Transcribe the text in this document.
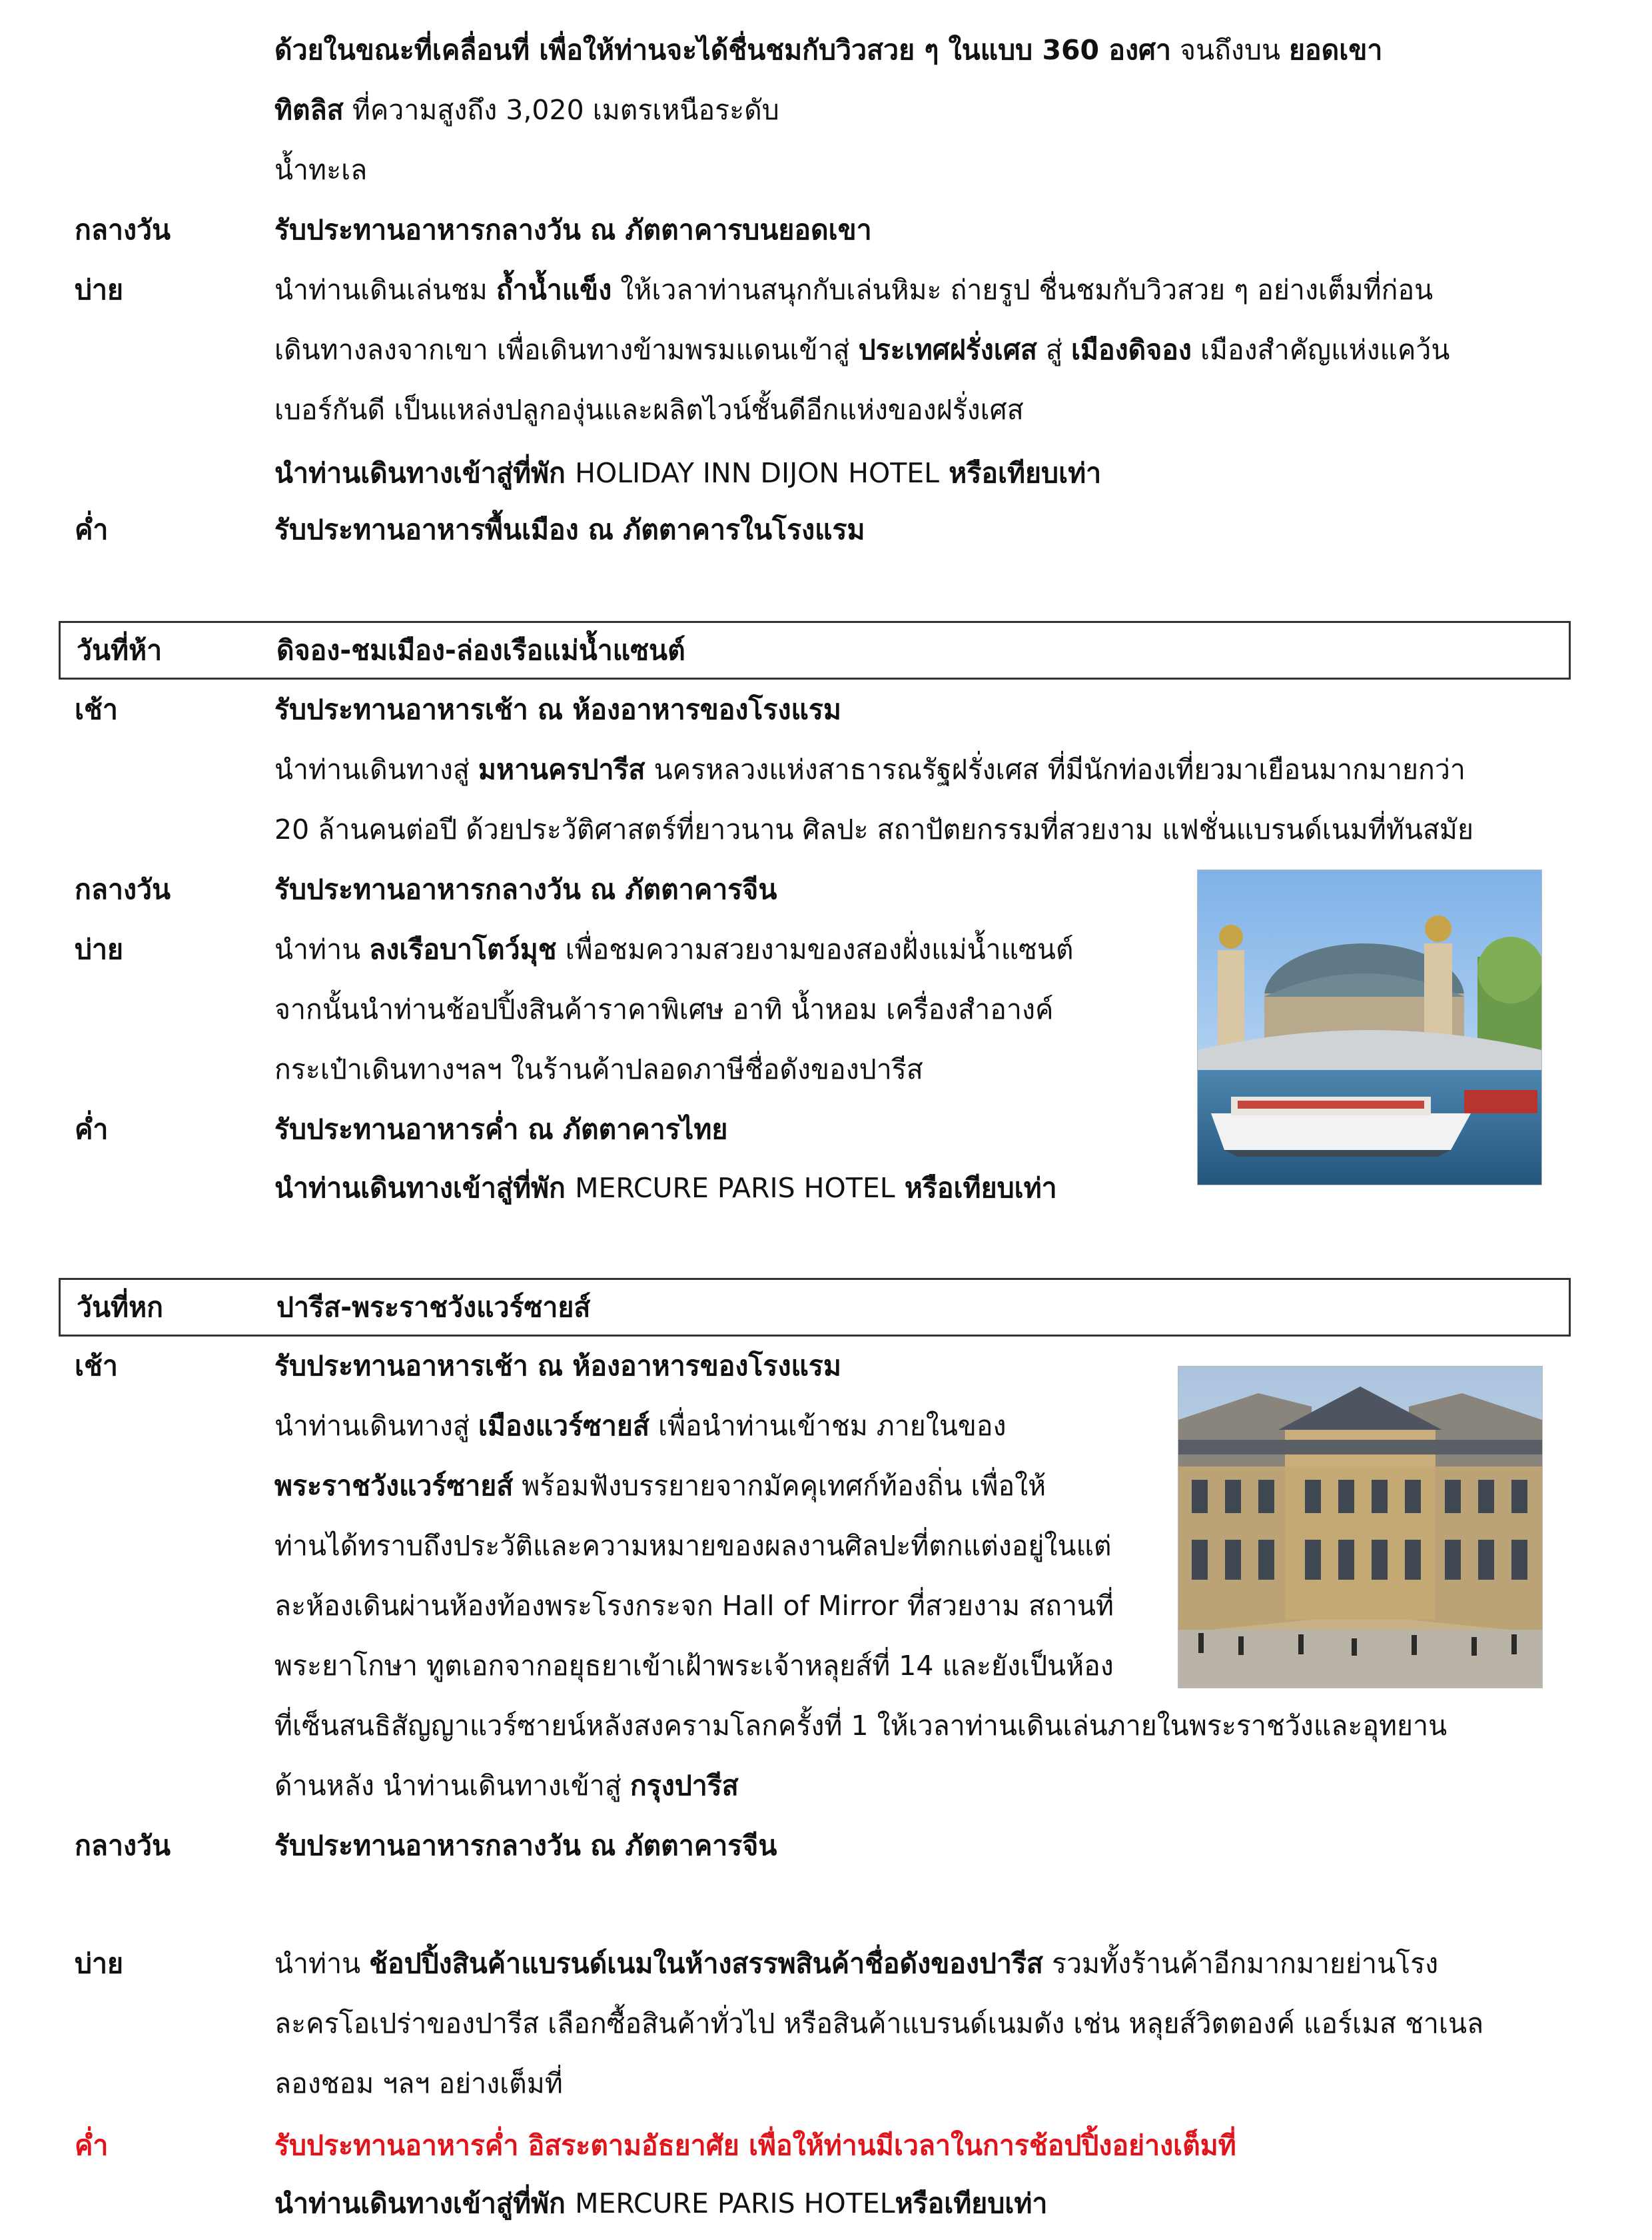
ด้วยในขณะที่เคลื่อนที่ เพื่อให้ท่านจะได้ชื่นชมกับวิวสวย ๆ ในแบบ 360 องศา จนถึงบน ยอดเขา
ทิตลิส ที่ความสูงถึง 3,020 เมตรเหนือระดับ
น้ำทะเล
กลางวัน	รับประทานอาหารกลางวัน ณ ภัตตาคารบนยอดเขา
บ่าย	นำท่านเดินเล่นชม ถ้ำน้ำแข็ง ให้เวลาท่านสนุกกับเล่นหิมะ ถ่ายรูป ชื่นชมกับวิวสวย ๆ อย่างเต็มที่ก่อน
เดินทางลงจากเขา เพื่อเดินทางข้ามพรมแดนเข้าสู่ ประเทศฝรั่งเศส สู่ เมืองดิจอง เมืองสำคัญแห่งแคว้น
เบอร์กันดี เป็นแหล่งปลูกองุ่นและผลิตไวน์ชั้นดีอีกแห่งของฝรั่งเศส
นำท่านเดินทางเข้าสู่ที่พัก HOLIDAY INN DIJON HOTEL หรือเทียบเท่า
ค่ำ	รับประทานอาหารพื้นเมือง ณ ภัตตาคารในโรงแรม
วันที่ห้า	ดิจอง-ชมเมือง-ล่องเรือแม่น้ำแซนต์
เช้า	รับประทานอาหารเช้า ณ ห้องอาหารของโรงแรม
นำท่านเดินทางสู่ มหานครปารีส นครหลวงแห่งสาธารณรัฐฝรั่งเศส ที่มีนักท่องเที่ยวมาเยือนมากมายกว่า
20 ล้านคนต่อปี ด้วยประวัติศาสตร์ที่ยาวนาน ศิลปะ สถาปัตยกรรมที่สวยงาม แฟชั่นแบรนด์เนมที่ทันสมัย
กลางวัน	รับประทานอาหารกลางวัน ณ ภัตตาคารจีน
บ่าย	นำท่าน ลงเรือบาโตว์มุช เพื่อชมความสวยงามของสองฝั่งแม่น้ำแซนต์
จากนั้นนำท่านช้อปปิ้งสินค้าราคาพิเศษ อาทิ น้ำหอม เครื่องสำอางค์
กระเป๋าเดินทางฯลฯ ในร้านค้าปลอดภาษีชื่อดังของปารีส
ค่ำ	รับประทานอาหารค่ำ ณ ภัตตาคารไทย
นำท่านเดินทางเข้าสู่ที่พัก MERCURE PARIS HOTEL หรือเทียบเท่า
วันที่หก	ปารีส-พระราชวังแวร์ซายส์
เช้า	รับประทานอาหารเช้า ณ ห้องอาหารของโรงแรม
นำท่านเดินทางสู่ เมืองแวร์ซายส์ เพื่อนำท่านเข้าชม ภายในของ
พระราชวังแวร์ซายส์ พร้อมฟังบรรยายจากมัคคุเทศก์ท้องถิ่น เพื่อให้
ท่านได้ทราบถึงประวัติและความหมายของผลงานศิลปะที่ตกแต่งอยู่ในแต่
ละห้องเดินผ่านห้องท้องพระโรงกระจก Hall of Mirror ที่สวยงาม สถานที่
พระยาโกษา ทูตเอกจากอยุธยาเข้าเฝ้าพระเจ้าหลุยส์ที่ 14 และยังเป็นห้อง
ที่เซ็นสนธิสัญญาแวร์ซายน์หลังสงครามโลกครั้งที่ 1 ให้เวลาท่านเดินเล่นภายในพระราชวังและอุทยาน
ด้านหลัง นำท่านเดินทางเข้าสู่ กรุงปารีส
กลางวัน	รับประทานอาหารกลางวัน ณ ภัตตาคารจีน
บ่าย	นำท่าน ช้อปปิ้งสินค้าแบรนด์เนมในห้างสรรพสินค้าชื่อดังของปารีส รวมทั้งร้านค้าอีกมากมายย่านโรง
ละครโอเปร่าของปารีส เลือกซื้อสินค้าทั่วไป หรือสินค้าแบรนด์เนมดัง เช่น หลุยส์วิตตองค์ แอร์เมส ชาเนล
ลองชอม ฯลฯ อย่างเต็มที่
ค่ำ	รับประทานอาหารค่ำ อิสระตามอัธยาศัย เพื่อให้ท่านมีเวลาในการช้อปปิ้งอย่างเต็มที่
นำท่านเดินทางเข้าสู่ที่พัก MERCURE PARIS HOTELหรือเทียบเท่า
